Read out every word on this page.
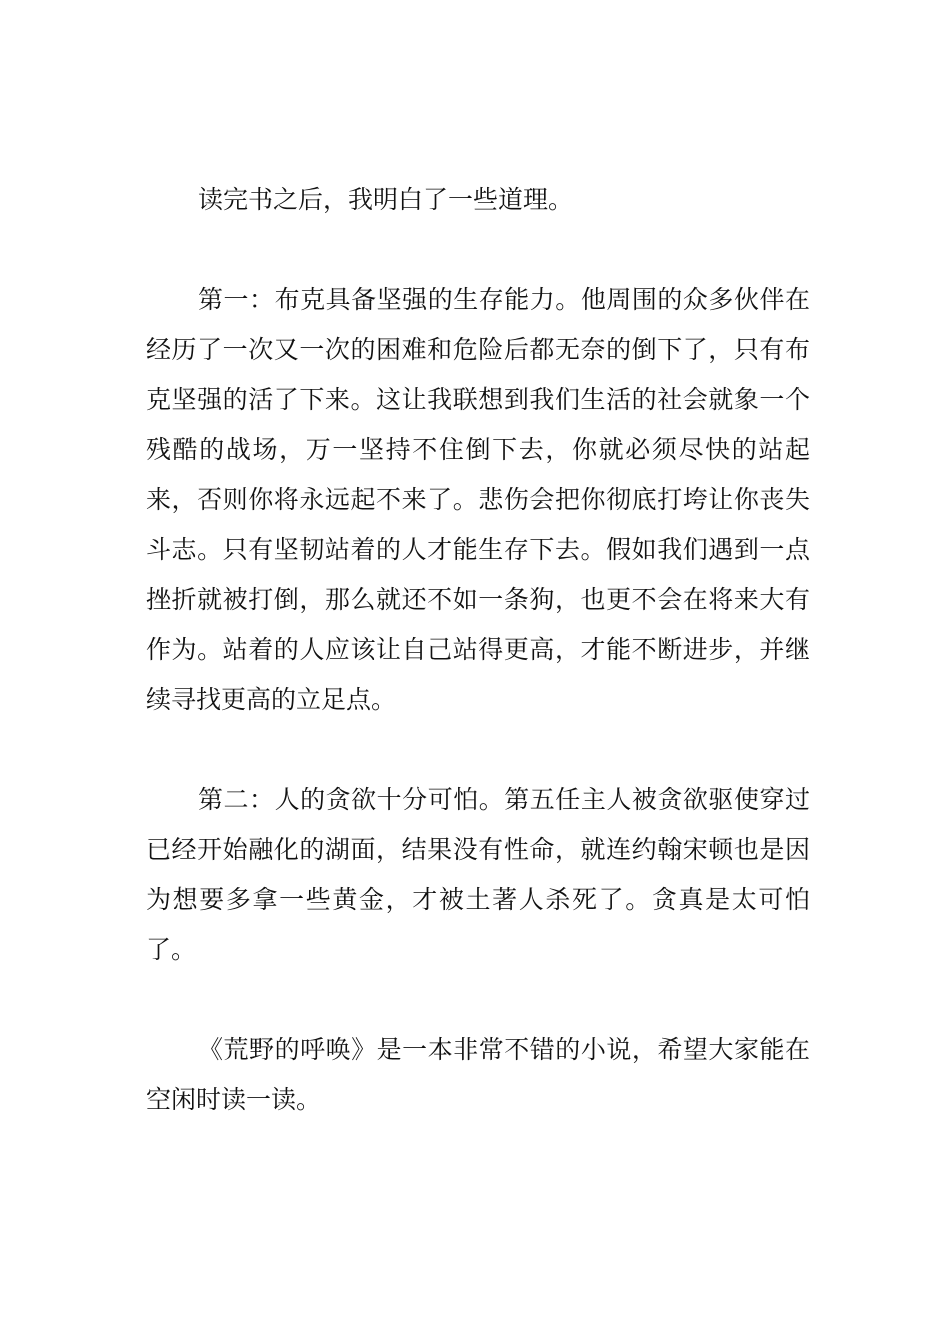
读完书之后，我明白了一些道理。

第一：布克具备坚强的生存能力。他周围的众多伙伴在经历了一次又一次的困难和危险后都无奈的倒下了，只有布克坚强的活了下来。这让我联想到我们生活的社会就象一个残酷的战场，万一坚持不住倒下去，你就必须尽快的站起来，否则你将永远起不来了。悲伤会把你彻底打垮让你丧失斗志。只有坚韧站着的人才能生存下去。假如我们遇到一点挫折就被打倒，那么就还不如一条狗，也更不会在将来大有作为。站着的人应该让自己站得更高，才能不断进步，并继续寻找更高的立足点。

第二：人的贪欲十分可怕。第五任主人被贪欲驱使穿过已经开始融化的湖面，结果没有性命，就连约翰宋顿也是因为想要多拿一些黄金，才被土著人杀死了。贪真是太可怕了。

《荒野的呼唤》是一本非常不错的小说，希望大家能在空闲时读一读。
